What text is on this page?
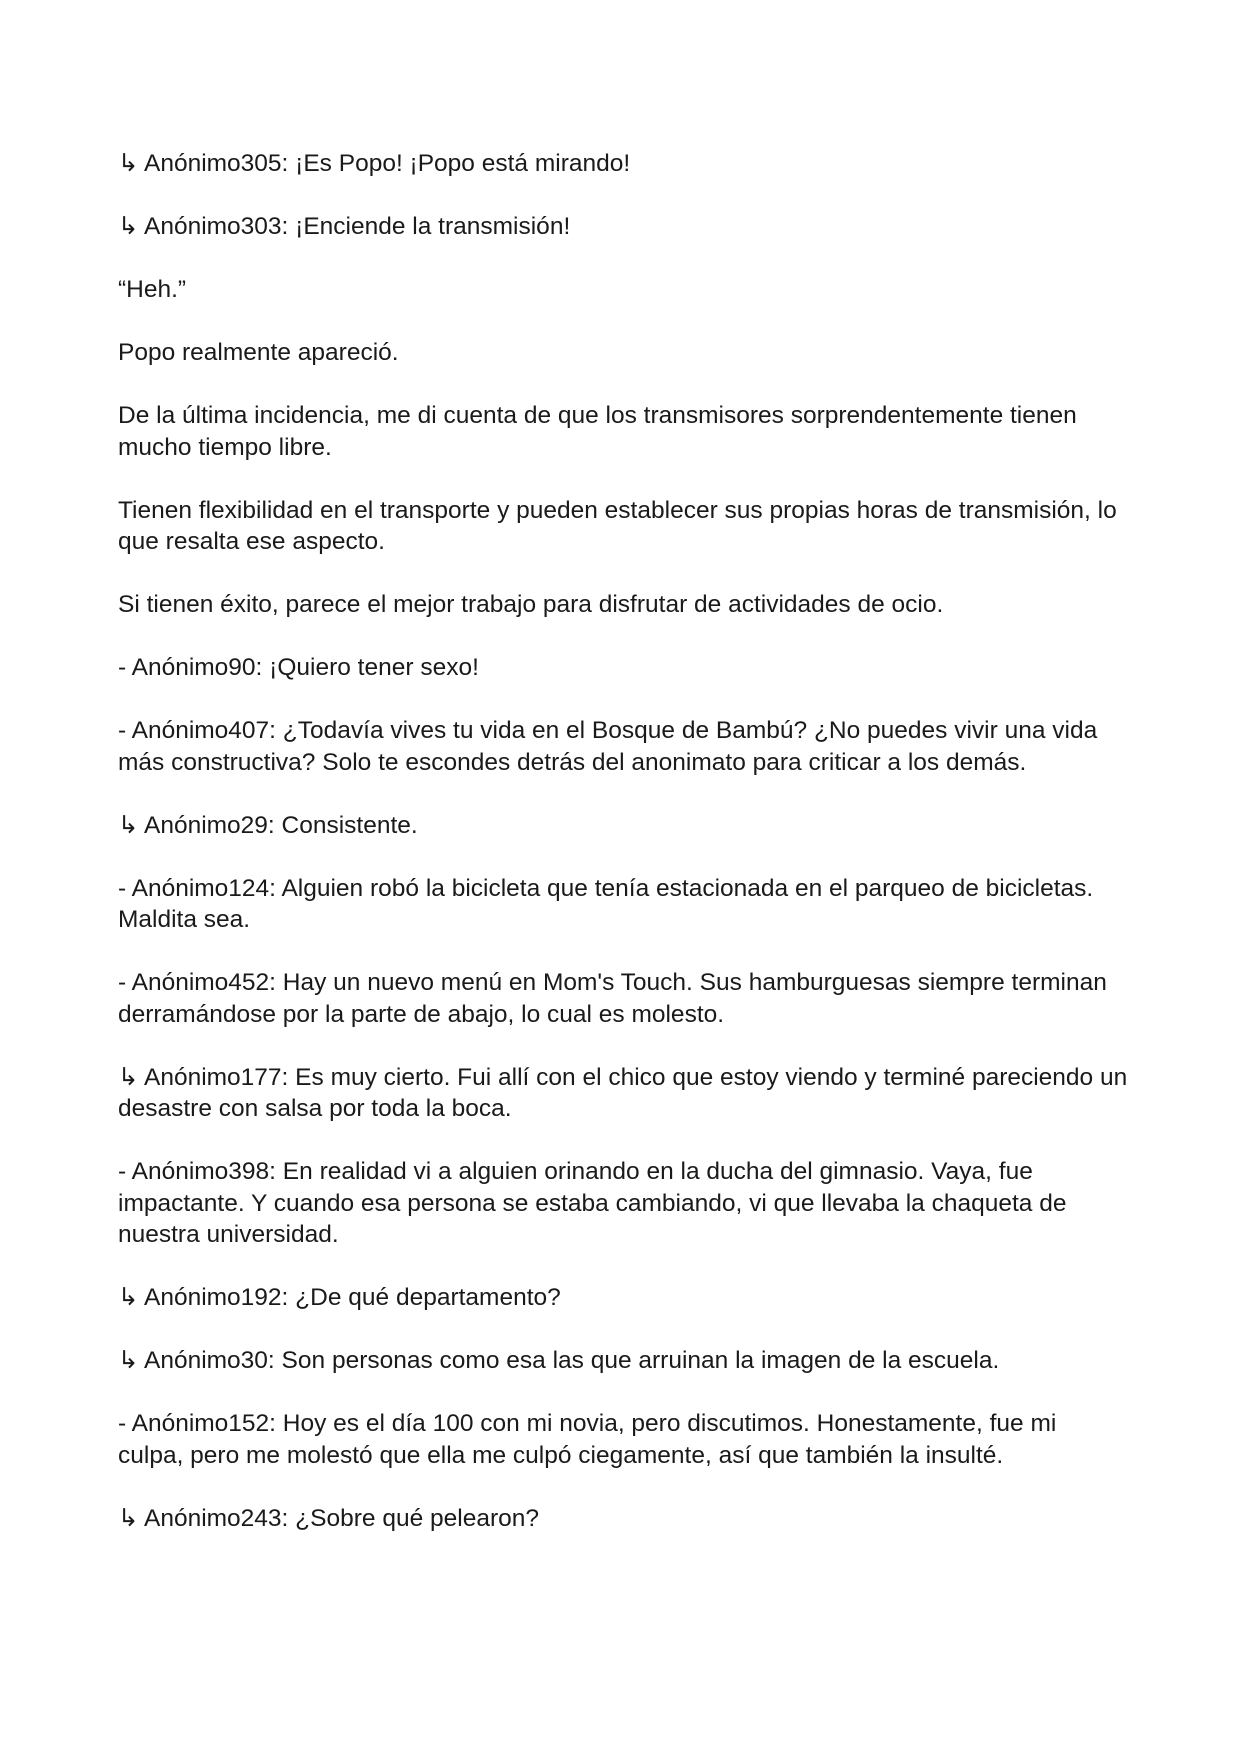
↳ Anónimo305: ¡Es Popo! ¡Popo está mirando!

↳ Anónimo303: ¡Enciende la transmisión!

“Heh.”

Popo realmente apareció.

De la última incidencia, me di cuenta de que los transmisores sorprendentemente tienen mucho tiempo libre.

Tienen flexibilidad en el transporte y pueden establecer sus propias horas de transmisión, lo que resalta ese aspecto.

Si tienen éxito, parece el mejor trabajo para disfrutar de actividades de ocio.

- Anónimo90: ¡Quiero tener sexo!

- Anónimo407: ¿Todavía vives tu vida en el Bosque de Bambú? ¿No puedes vivir una vida más constructiva? Solo te escondes detrás del anonimato para criticar a los demás.

↳ Anónimo29: Consistente.

- Anónimo124: Alguien robó la bicicleta que tenía estacionada en el parqueo de bicicletas. Maldita sea.

- Anónimo452: Hay un nuevo menú en Mom's Touch. Sus hamburguesas siempre terminan derramándose por la parte de abajo, lo cual es molesto.

↳ Anónimo177: Es muy cierto. Fui allí con el chico que estoy viendo y terminé pareciendo un desastre con salsa por toda la boca.

- Anónimo398: En realidad vi a alguien orinando en la ducha del gimnasio. Vaya, fue impactante. Y cuando esa persona se estaba cambiando, vi que llevaba la chaqueta de nuestra universidad.

↳ Anónimo192: ¿De qué departamento?

↳ Anónimo30: Son personas como esa las que arruinan la imagen de la escuela.

- Anónimo152: Hoy es el día 100 con mi novia, pero discutimos. Honestamente, fue mi culpa, pero me molestó que ella me culpó ciegamente, así que también la insulté.

↳ Anónimo243: ¿Sobre qué pelearon?
